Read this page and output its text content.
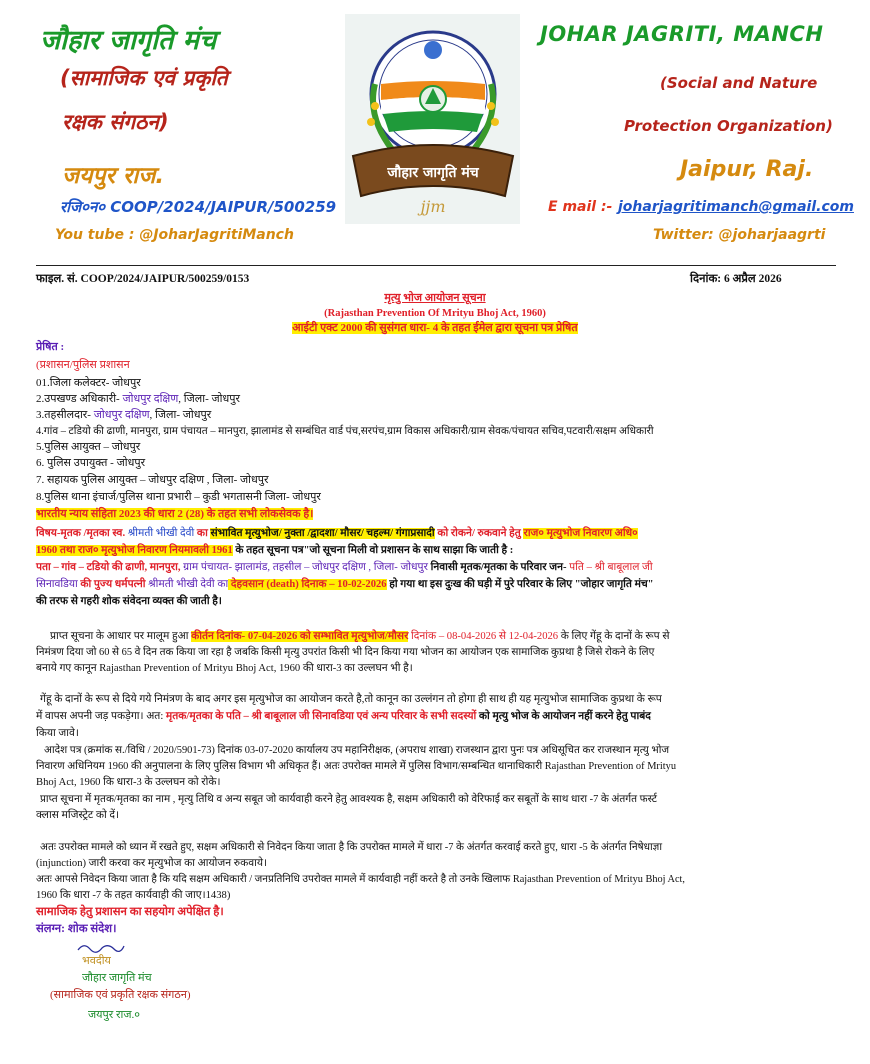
जौहार जागृति मंच
(सामाजिक एवं प्रकृति
रक्षक संगठन)
जयपुर राज.
रजि०न० COOP/2024/JAIPUR/500259
You tube : @JoharJagritiManch
JOHAR JAGRITI, MANCH
(Social and Nature
Protection Organization)
Jaipur, Raj.
E mail :- joharjagritimanch@gmail.com
Twitter: @joharjaagrti
जौहार जागृति मंच
jjm
फाइल. सं. COOP/2024/JAIPUR/500259/0153	दिनांक: 6 अप्रैल 2026
मृत्यु भोज आयोजन सूचना
(Rajasthan Prevention Of Mrityu Bhoj Act, 1960)
आईटी एक्ट 2000 की सुसंगत धारा- 4 के तहत ईमेल द्वारा सूचना पत्र प्रेषित
प्रेषित :
(प्रशासन/पुलिस प्रशासन
01.जिला कलेक्टर- जोधपुर
2.उपखण्ड अधिकारी- जोधपुर दक्षिण, जिला- जोधपुर
3.तहसीलदार- जोधपुर दक्षिण, जिला- जोधपुर
4.गांव – टडियो की ढाणी, मानपुरा, ग्राम पंचायत – मानपुरा, झालामंड से सम्बंधित वार्ड पंच,सरपंच,ग्राम विकास अधिकारी/ग्राम सेवक/पंचायत सचिव,पटवारी/सक्षम अधिकारी
5.पुलिस आयुक्त – जोधपुर
6. पुलिस उपायुक्त - जोधपुर
7. सहायक पुलिस आयुक्त – जोधपुर दक्षिण , जिला- जोधपुर
8.पुलिस थाना इंचार्ज/पुलिस थाना प्रभारी – कुडी भगतासनी जिला- जोधपुर
भारतीय न्याय संहिता 2023 की धारा 2 (28) के तहत सभी लोकसेवक है।
विषय-मृतक /मृतका स्व. श्रीमती भीखी देवी का संभावित मृत्युभोज/ नुक्ता /द्वादशा/ मौसर/ चहल्म/ गंगाप्रसादी को रोकने/ रुकवाने हेतु राज० मृत्युभोज निवारण अधि०
1960 तथा राज० मृत्युभोज निवारण नियमावली 1961 के तहत सूचना पत्र"जो सूचना मिली वो प्रशासन के साथ साझा कि जाती है :
पता – गांव – टडियो की ढाणी, मानपुरा, ग्राम पंचायत- झालामंड, तहसील – जोधपुर दक्षिण , जिला- जोधपुर निवासी मृतक/मृतका के परिवार जन- पति – श्री बाबूलाल जी
सिनावडिया की पुज्य धर्मपत्नी श्रीमती भीखी देवी का देहवसान (death) दिनाक – 10-02-2026 हो गया था इस दुःख की घड़ी में पुरे परिवार के लिए "जोहार जागृति मंच"
की तरफ से गहरी शोक संवेदना व्यक्त की जाती है।
प्राप्त सूचना के आधार पर मालूम हुआ कीर्तन दिनांक- 07-04-2026 को सम्भावित मृत्युभोज/मौसर दिनांक – 08-04-2026 से 12-04-2026 के लिए गेंहू के दानों के रूप से
निमंत्रण दिया जो 60 से 65 वे दिन तक किया जा रहा है जबकि किसी मृत्यु उपरांत किसी भी दिन किया गया भोजन का आयोजन एक सामाजिक कुप्रथा है जिसे रोकने के लिए
बनाये गए कानून Rajasthan Prevention of Mrityu Bhoj Act, 1960 की धारा-3 का उल्लघन भी है।
गेंहू के दानों के रूप से दिये गये निमंत्रण के बाद अगर इस मृत्युभोज का आयोजन करते है,तो कानून का उल्लंगन तो होगा ही साथ ही यह मृत्युभोज सामाजिक कुप्रथा के रूप
में वापस अपनी जड़ पकड़ेगा। अत: मृतक/मृतका के पति – श्री बाबूलाल जी सिनावडिया एवं अन्य परिवार के सभी सदस्यों को मृत्यु भोज के आयोजन नहीं करने हेतु पाबंद
किया जावे।
आदेश पत्र (क्रमांक स./विधि / 2020/5901-73) दिनांक 03-07-2020 कार्यालय उप महानिरीक्षक, (अपराध शाखा) राजस्थान द्वारा पुनः पत्र अधिसूचित कर राजस्थान मृत्यु भोज
निवारण अधिनियम 1960 की अनुपालना के लिए पुलिस विभाग भी अधिकृत हैं। अतः उपरोक्त मामले में पुलिस विभाग/सम्बन्धित थानाधिकारी Rajasthan Prevention of Mrityu
Bhoj Act, 1960 कि धारा-3 के उल्लघन को रोके।
प्राप्त सूचना में मृतक/मृतका का नाम , मृत्यु तिथि व अन्य सबूत जो कार्यवाही करने हेतु आवश्यक है, सक्षम अधिकारी को वेरिफाई कर सबूतों के साथ धारा -7 के अंतर्गत फर्स्ट
क्लास मजिस्ट्रेट को दें।
अतः उपरोक्त मामले को ध्यान में रखते हुए, सक्षम अधिकारी से निवेदन किया जाता है कि उपरोक्त मामले में धारा -7 के अंतर्गत करवाई करते हुए, धारा -5 के अंतर्गत निषेधाज्ञा
(injunction) जारी करवा कर मृत्युभोज का आयोजन रुकवाये।
अतः आपसे निवेदन किया जाता है कि यदि सक्षम अधिकारी / जनप्रतिनिधि उपरोक्त मामले में कार्यवाही नहीं करते है तो उनके खिलाफ Rajasthan Prevention of Mrityu Bhoj Act,
1960 कि धारा -7 के तहत कार्यवाही की जाए।1438)
सामाजिक हेतु प्रशासन का सहयोग अपेक्षित है।
संलग्न: शोक संदेश।
भवदीय
जौहार जागृति मंच
(सामाजिक एवं प्रकृति रक्षक संगठन)
जयपुर राज.०
